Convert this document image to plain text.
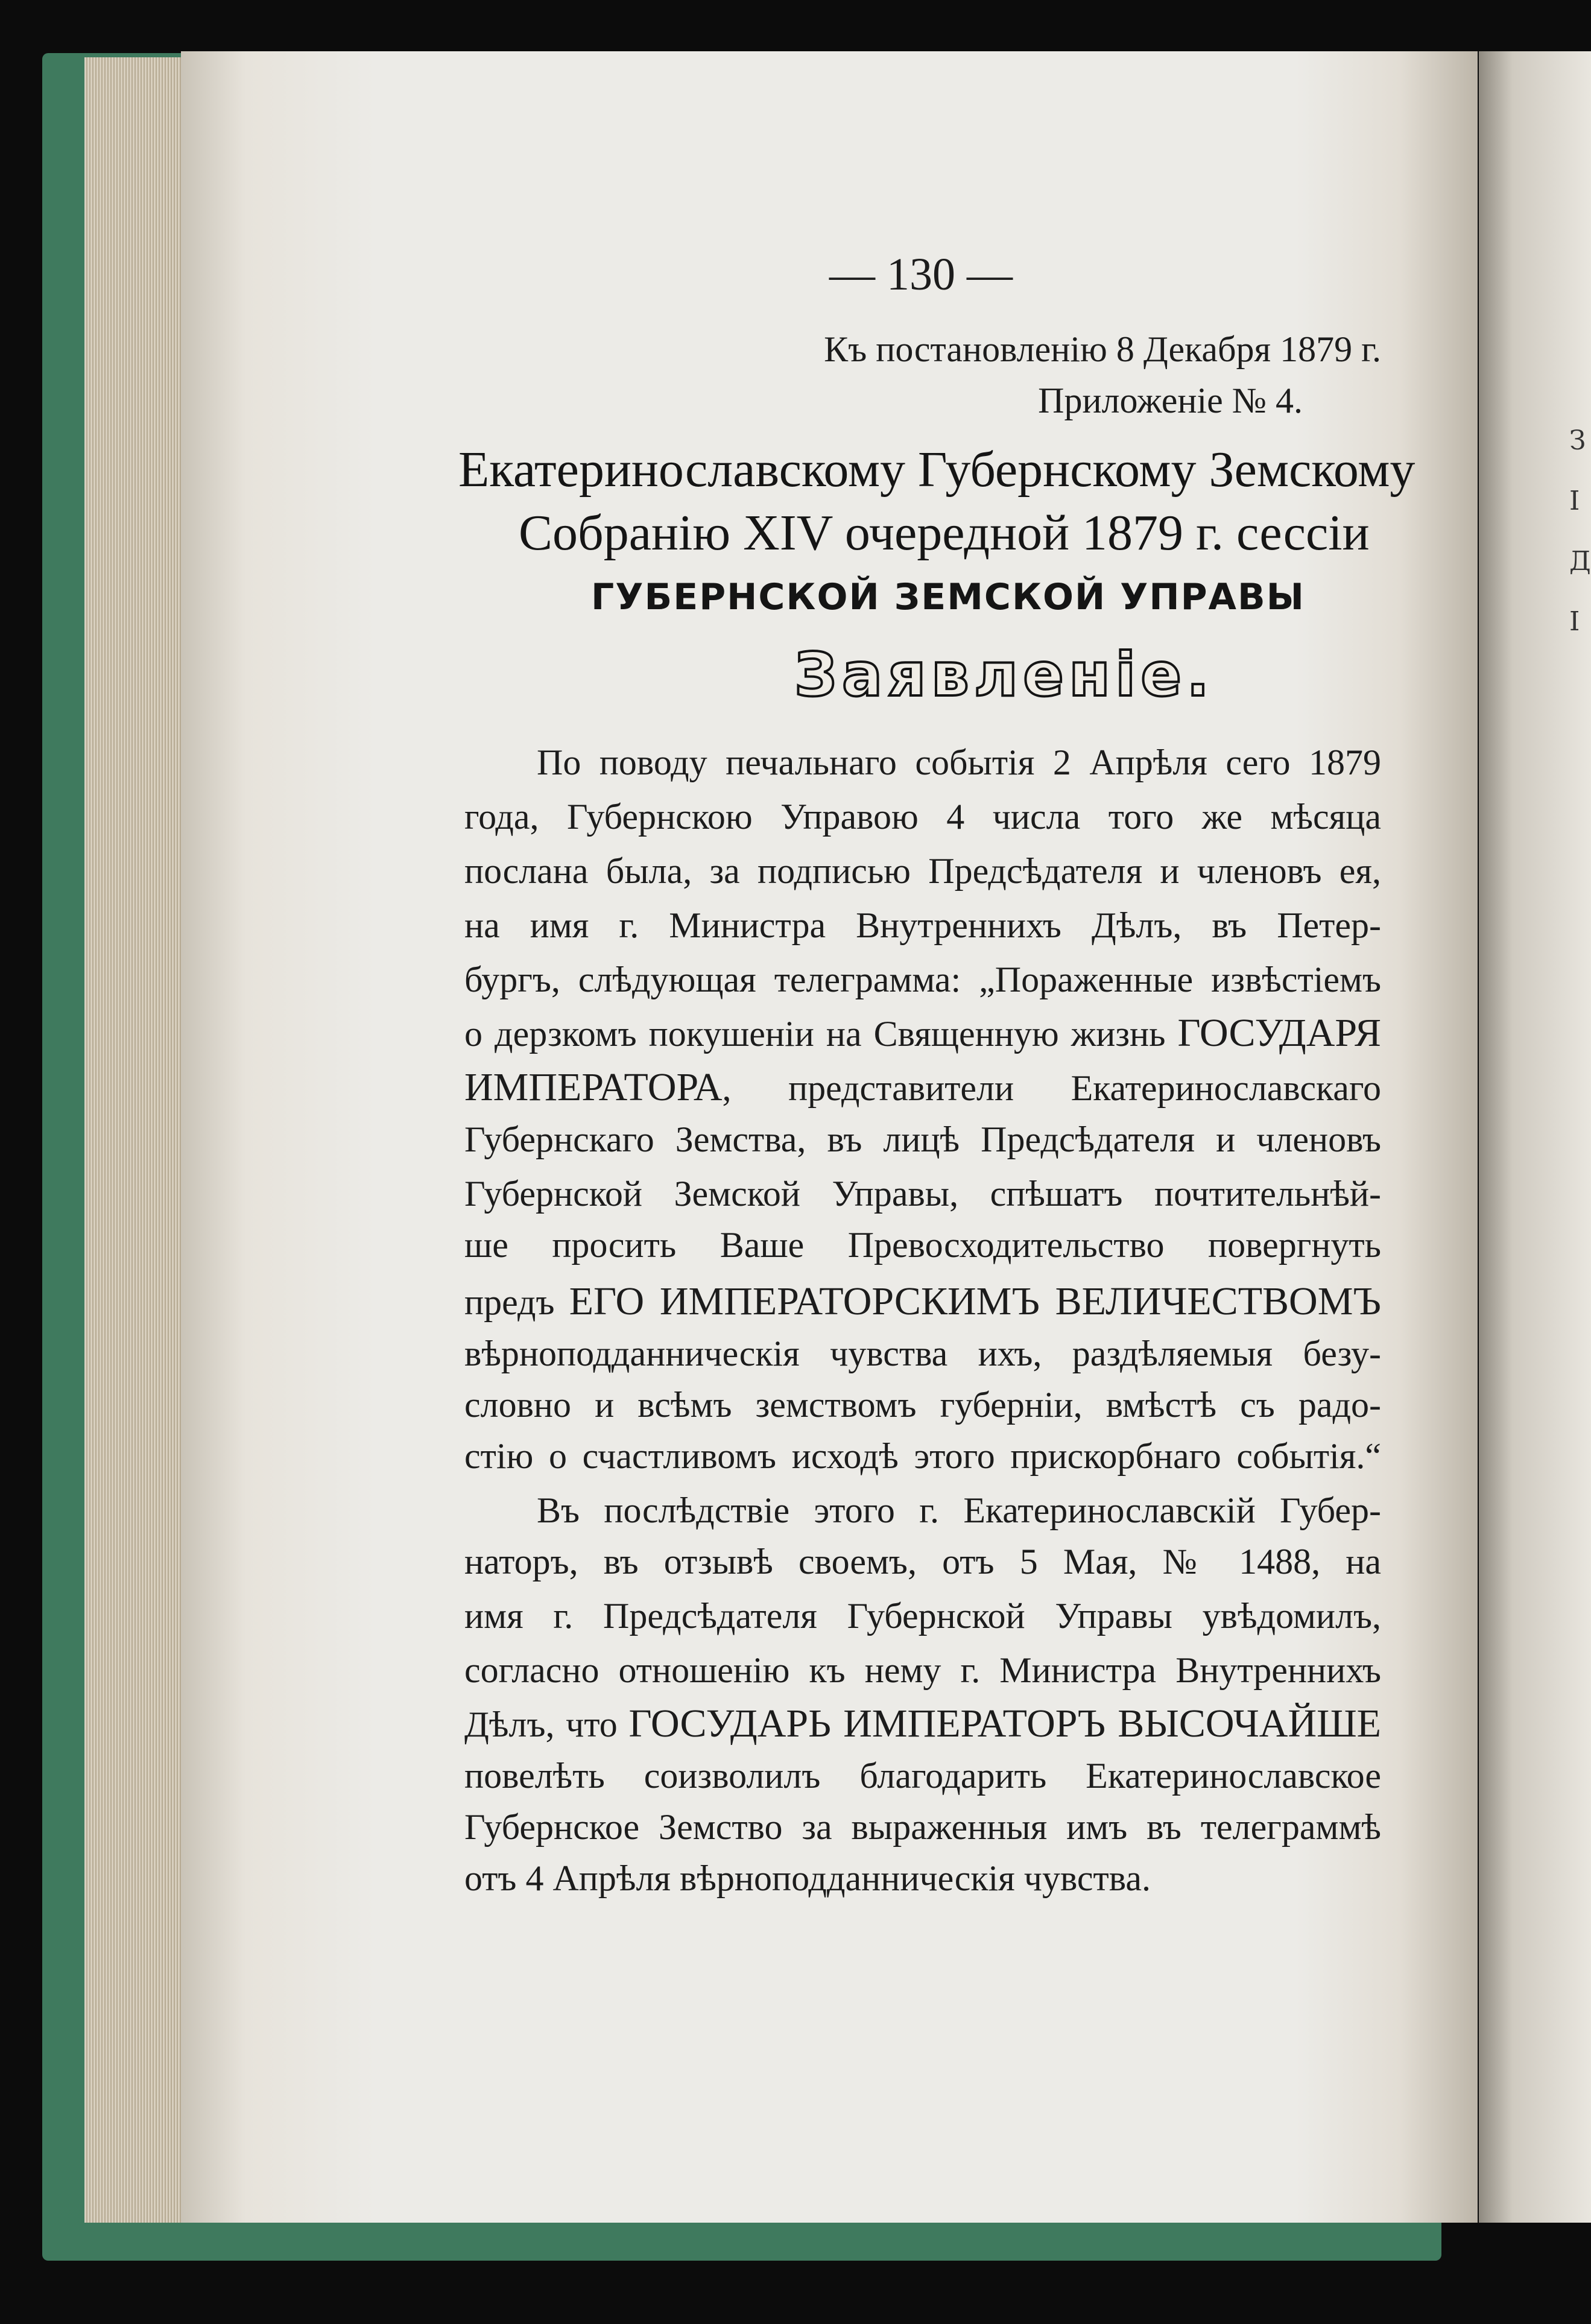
З
І
Д
І
— 130 —
Къ постановленію 8 Декабря 1879 г.
Приложеніе № 4.
Екатеринославскому Губернскому Земскому
Собранію XIV очередной 1879 г. сессіи
ГУБЕРНСКОЙ ЗЕМСКОЙ УПРАВЫ
Заявленіе.
По поводу печальнаго событія 2 Апрѣля сего 1879
года, Губернскою Управою 4 числа того же мѣсяца
послана была, за подписью Предсѣдателя и членовъ ея,
на имя г. Министра Внутреннихъ Дѣлъ, въ Петер-
бургъ, слѣдующая телеграмма: „Пораженные извѣстіемъ
о дерзкомъ покушеніи на Священную жизнь ГОСУДАРЯ
ИМПЕРАТОРА, представители Екатеринославскаго
Губернскаго Земства, въ лицѣ Предсѣдателя и членовъ
Губернской Земской Управы, спѣшатъ почтительнѣй-
ше просить Ваше Превосходительство повергнуть
предъ ЕГО ИМПЕРАТОРСКИМЪ ВЕЛИЧЕСТВОМЪ
вѣрноподданническія чувства ихъ, раздѣляемыя безу-
словно и всѣмъ земствомъ губерніи, вмѣстѣ съ радо-
стію о счастливомъ исходѣ этого прискорбнаго событія.“
Въ послѣдствіе этого г. Екатеринославскій Губер-
наторъ, въ отзывѣ своемъ, отъ 5 Мая, № 1488, на
имя г. Предсѣдателя Губернской Управы увѣдомилъ,
согласно отношенію къ нему г. Министра Внутреннихъ
Дѣлъ, что ГОСУДАРЬ ИМПЕРАТОРЪ ВЫСОЧАЙШЕ
повелѣть соизволилъ благодарить Екатеринославское
Губернское Земство за выраженныя имъ въ телеграммѣ
отъ 4 Апрѣля вѣрноподданническія чувства.
